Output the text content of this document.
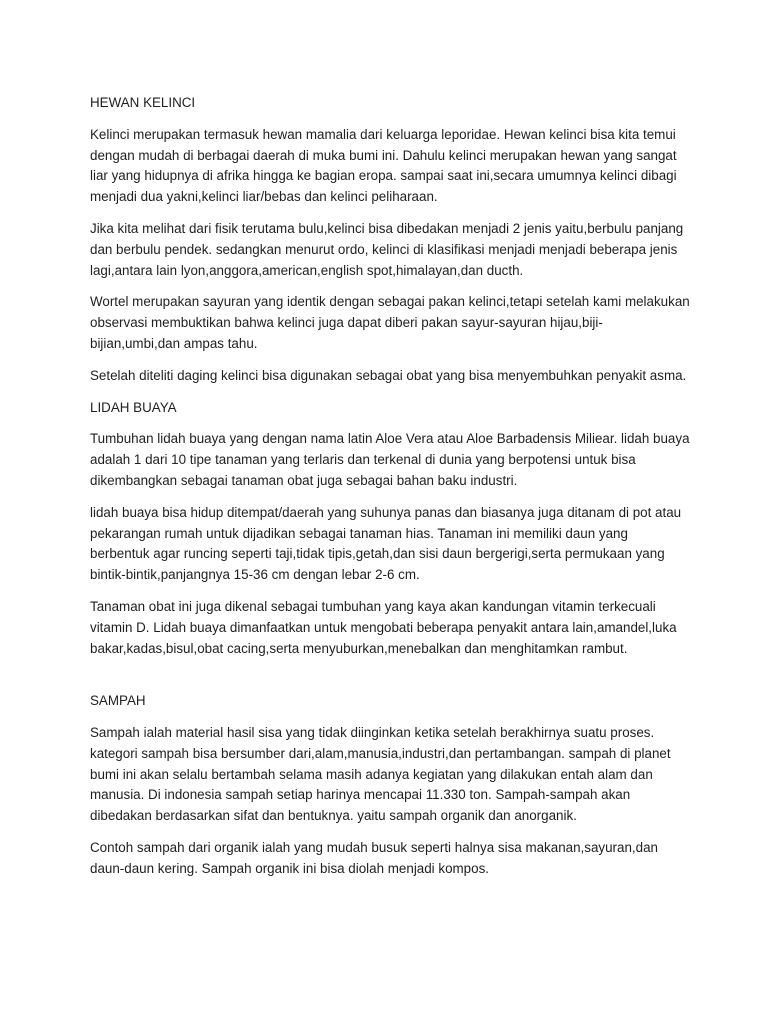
HEWAN KELINCI

Kelinci merupakan termasuk hewan mamalia dari keluarga leporidae. Hewan kelinci bisa kita temui dengan mudah di berbagai daerah di muka bumi ini. Dahulu kelinci merupakan hewan yang sangat liar yang hidupnya di afrika hingga ke bagian eropa. sampai saat ini,secara umumnya kelinci dibagi menjadi dua yakni,kelinci liar/bebas dan kelinci peliharaan.

Jika kita melihat dari fisik terutama bulu,kelinci bisa dibedakan menjadi 2 jenis yaitu,berbulu panjang dan berbulu pendek. sedangkan menurut ordo, kelinci di klasifikasi menjadi menjadi beberapa jenis lagi,antara lain lyon,anggora,american,english spot,himalayan,dan ducth.

Wortel merupakan sayuran yang identik dengan sebagai pakan kelinci,tetapi setelah kami melakukan observasi membuktikan bahwa kelinci juga dapat diberi pakan sayur-sayuran hijau,biji-bijian,umbi,dan ampas tahu.

Setelah diteliti daging kelinci bisa digunakan sebagai obat yang bisa menyembuhkan penyakit asma.

LIDAH BUAYA

Tumbuhan lidah buaya yang dengan nama latin Aloe Vera atau Aloe Barbadensis Miliear. lidah buaya adalah 1 dari 10 tipe tanaman yang terlaris dan terkenal di dunia yang berpotensi untuk bisa dikembangkan sebagai tanaman obat juga sebagai bahan baku industri.

lidah buaya bisa hidup ditempat/daerah yang suhunya panas dan biasanya juga ditanam di pot atau pekarangan rumah untuk dijadikan sebagai tanaman hias. Tanaman ini memiliki daun yang berbentuk agar runcing seperti taji,tidak tipis,getah,dan sisi daun bergerigi,serta permukaan yang bintik-bintik,panjangnya 15-36 cm dengan lebar 2-6 cm.

Tanaman obat ini juga dikenal sebagai tumbuhan yang kaya akan kandungan vitamin terkecuali vitamin D. Lidah buaya dimanfaatkan untuk mengobati beberapa penyakit antara lain,amandel,luka bakar,kadas,bisul,obat cacing,serta menyuburkan,menebalkan dan menghitamkan rambut.

SAMPAH

Sampah ialah material hasil sisa yang tidak diinginkan ketika setelah berakhirnya suatu proses. kategori sampah bisa bersumber dari,alam,manusia,industri,dan pertambangan. sampah di planet bumi ini akan selalu bertambah selama masih adanya kegiatan yang dilakukan entah alam dan manusia. Di indonesia sampah setiap harinya mencapai 11.330 ton. Sampah-sampah akan dibedakan berdasarkan sifat dan bentuknya. yaitu sampah organik dan anorganik.

Contoh sampah dari organik ialah yang mudah busuk seperti halnya sisa makanan,sayuran,dan daun-daun kering. Sampah organik ini bisa diolah menjadi kompos.
